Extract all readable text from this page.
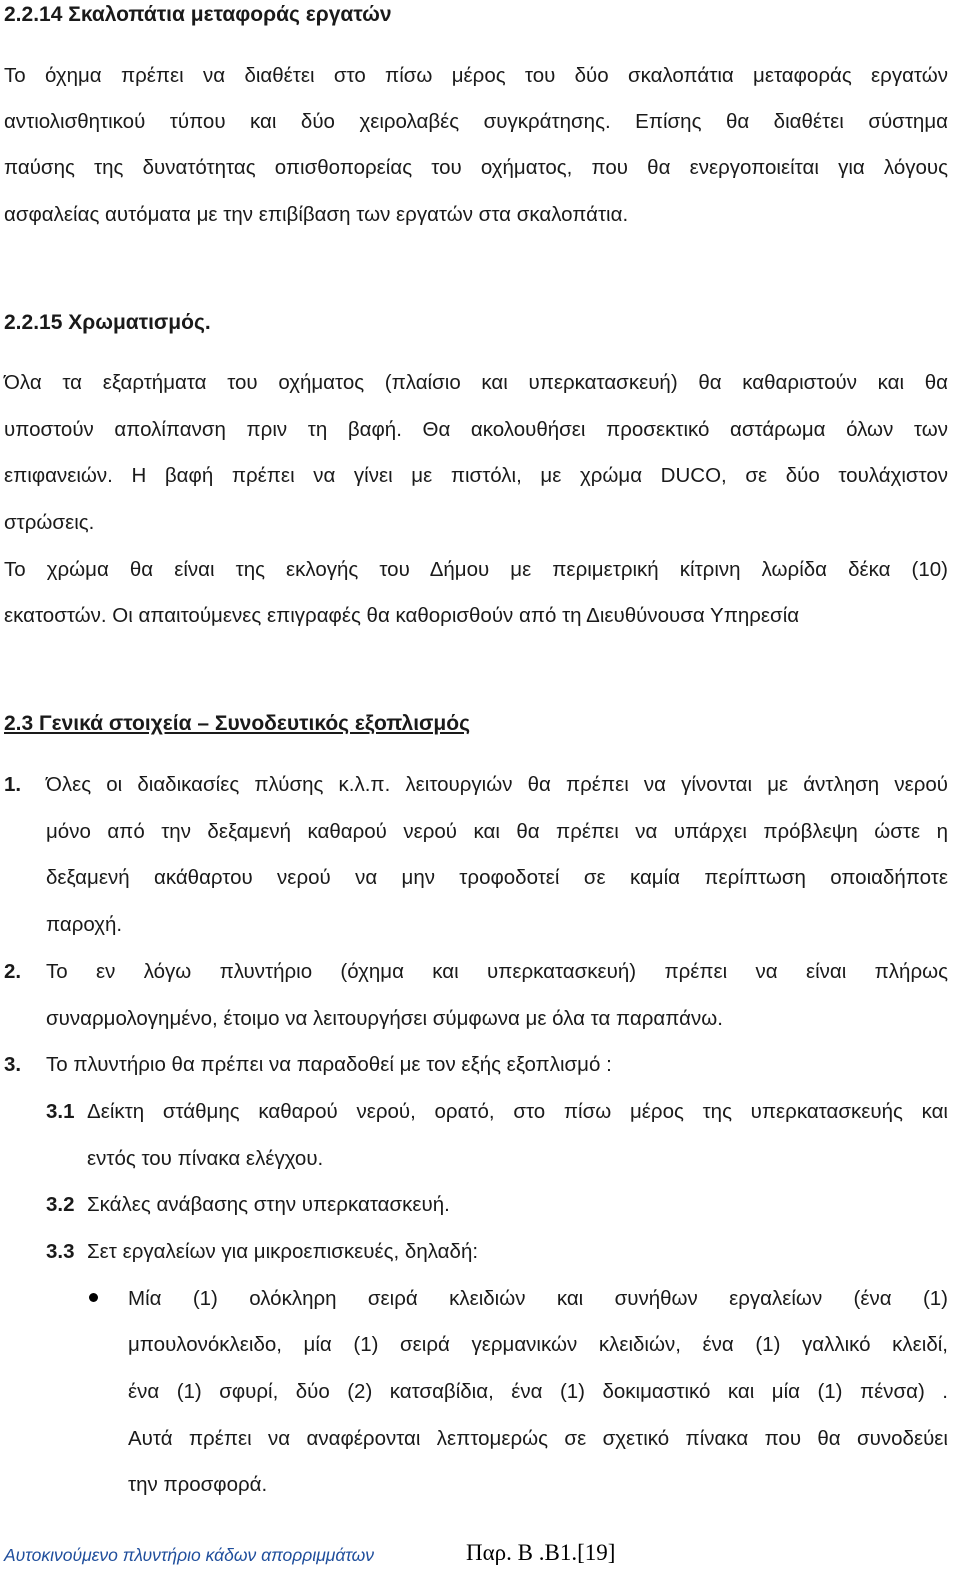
2.2.14 Σκαλοπάτια μεταφοράς εργατών
Το όχημα πρέπει να διαθέτει στο πίσω μέρος του δύο σκαλοπάτια μεταφοράς εργατών
αντιολισθητικού τύπου και δύο χειρολαβές συγκράτησης. Επίσης θα διαθέτει σύστημα
παύσης της δυνατότητας οπισθοπορείας του οχήματος, που θα ενεργοποιείται για λόγους
ασφαλείας αυτόματα με την επιβίβαση των εργατών στα σκαλοπάτια.
2.2.15 Χρωματισμός.
Όλα τα εξαρτήματα του οχήματος (πλαίσιο και υπερκατασκευή) θα καθαριστούν και θα
υποστούν απολίπανση πριν τη βαφή. Θα ακολουθήσει προσεκτικό αστάρωμα όλων των
επιφανειών. Η βαφή πρέπει να γίνει με πιστόλι, με χρώμα DUCO, σε δύο τουλάχιστον
στρώσεις.
Το χρώμα θα είναι της εκλογής του Δήμου με περιμετρική κίτρινη λωρίδα δέκα (10)
εκατοστών. Οι απαιτούμενες επιγραφές θα καθορισθούν από τη Διευθύνουσα Υπηρεσία
2.3 Γενικά στοιχεία – Συνοδευτικός εξοπλισμός
1. Όλες οι διαδικασίες πλύσης κ.λ.π. λειτουργιών θα πρέπει να γίνονται με άντληση νερού
μόνο από την δεξαμενή καθαρού νερού και θα πρέπει να υπάρχει πρόβλεψη ώστε η
δεξαμενή ακάθαρτου νερού να μην τροφοδοτεί σε καμία περίπτωση οποιαδήποτε
παροχή.
2. Το εν λόγω πλυντήριο (όχημα και υπερκατασκευή) πρέπει να είναι πλήρως
συναρμολογημένο, έτοιμο να λειτουργήσει σύμφωνα με όλα τα παραπάνω.
3. Το πλυντήριο θα πρέπει να παραδοθεί με τον εξής εξοπλισμό :
3.1 Δείκτη στάθμης καθαρού νερού, ορατό, στο πίσω μέρος της υπερκατασκευής και
εντός του πίνακα ελέγχου.
3.2 Σκάλες ανάβασης στην υπερκατασκευή.
3.3 Σετ εργαλείων για μικροεπισκευές, δηλαδή:
Μία (1) ολόκληρη σειρά κλειδιών και συνήθων εργαλείων (ένα (1)
μπουλονόκλειδο, μία (1) σειρά γερμανικών κλειδιών, ένα (1) γαλλικό κλειδί,
ένα (1) σφυρί, δύο (2) κατσαβίδια, ένα (1) δοκιμαστικό και μία (1) πένσα) .
Αυτά πρέπει να αναφέρονται λεπτομερώς σε σχετικό πίνακα που θα συνοδεύει
την προσφορά.
Αυτοκινούμενο πλυντήριο κάδων απορριμμάτων	Παρ. Β .Β1.[19]
